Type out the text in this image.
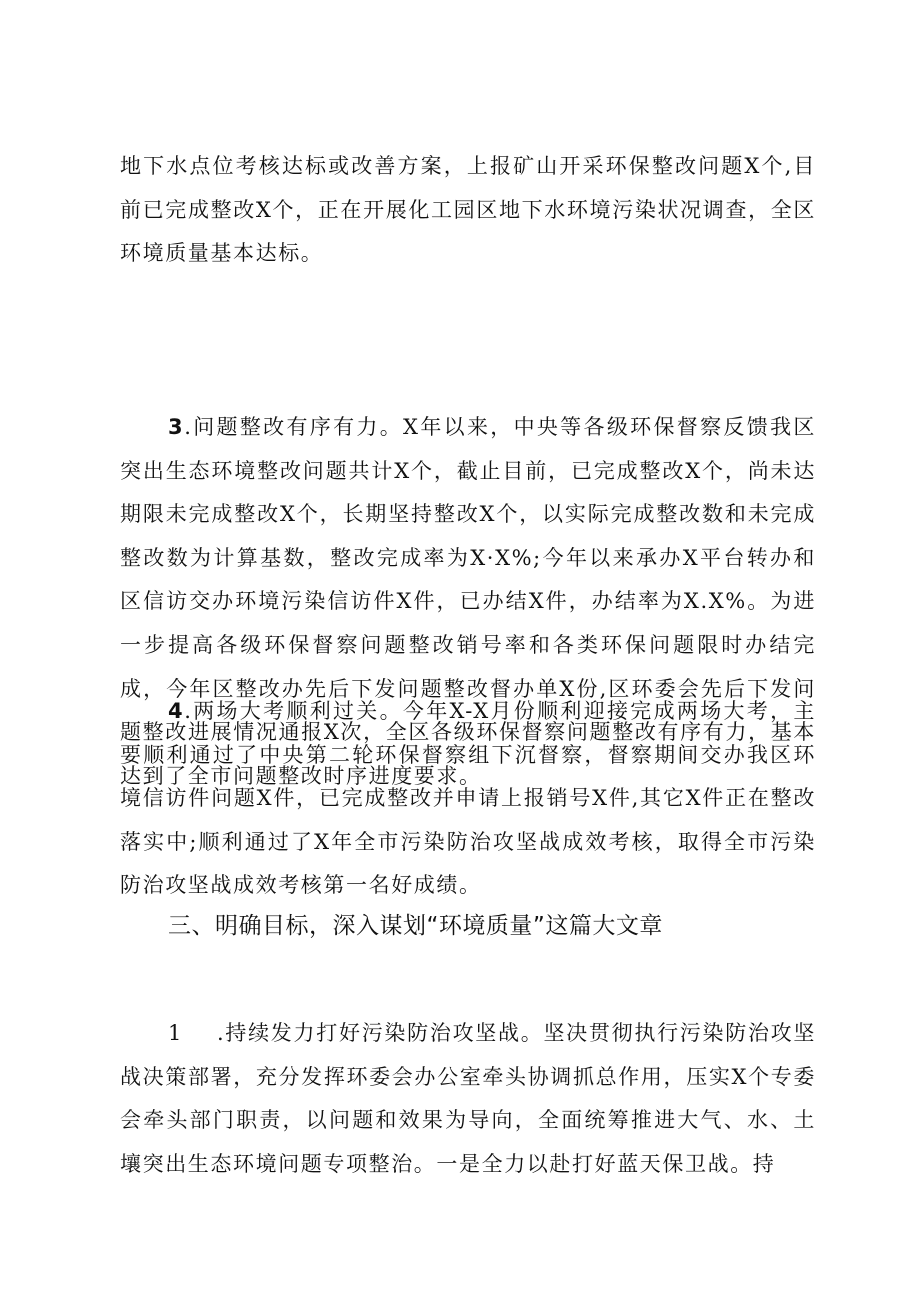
地下水点位考核达标或改善方案，上报矿山开采环保整改问题X个,目前已完成整改X个，正在开展化工园区地下水环境污染状况调查，全区环境质量基本达标。

3.问题整改有序有力。X年以来，中央等各级环保督察反馈我区突出生态环境整改问题共计X个，截止目前，已完成整改X个，尚未达期限未完成整改X个，长期坚持整改X个，以实际完成整改数和未完成整改数为计算基数，整改完成率为X·X%;今年以来承办X平台转办和区信访交办环境污染信访件X件，已办结X件，办结率为X.X%。为进一步提高各级环保督察问题整改销号率和各类环保问题限时办结完成，今年区整改办先后下发问题整改督办单X份,区环委会先后下发问题整改进展情况通报X次，全区各级环保督察问题整改有序有力，基本达到了全市问题整改时序进度要求。

4.两场大考顺利过关。今年X-X月份顺利迎接完成两场大考，主要顺利通过了中央第二轮环保督察组下沉督察，督察期间交办我区环境信访件问题X件，已完成整改并申请上报销号X件,其它X件正在整改落实中;顺利通过了X年全市污染防治攻坚战成效考核，取得全市污染防治攻坚战成效考核第一名好成绩。

三、明确目标，深入谋划“环境质量”这篇大文章

1 .持续发力打好污染防治攻坚战。坚决贯彻执行污染防治攻坚战决策部署，充分发挥环委会办公室牵头协调抓总作用，压实X个专委会牵头部门职责，以问题和效果为导向，全面统筹推进大气、水、土壤突出生态环境问题专项整治。一是全力以赴打好蓝天保卫战。持
